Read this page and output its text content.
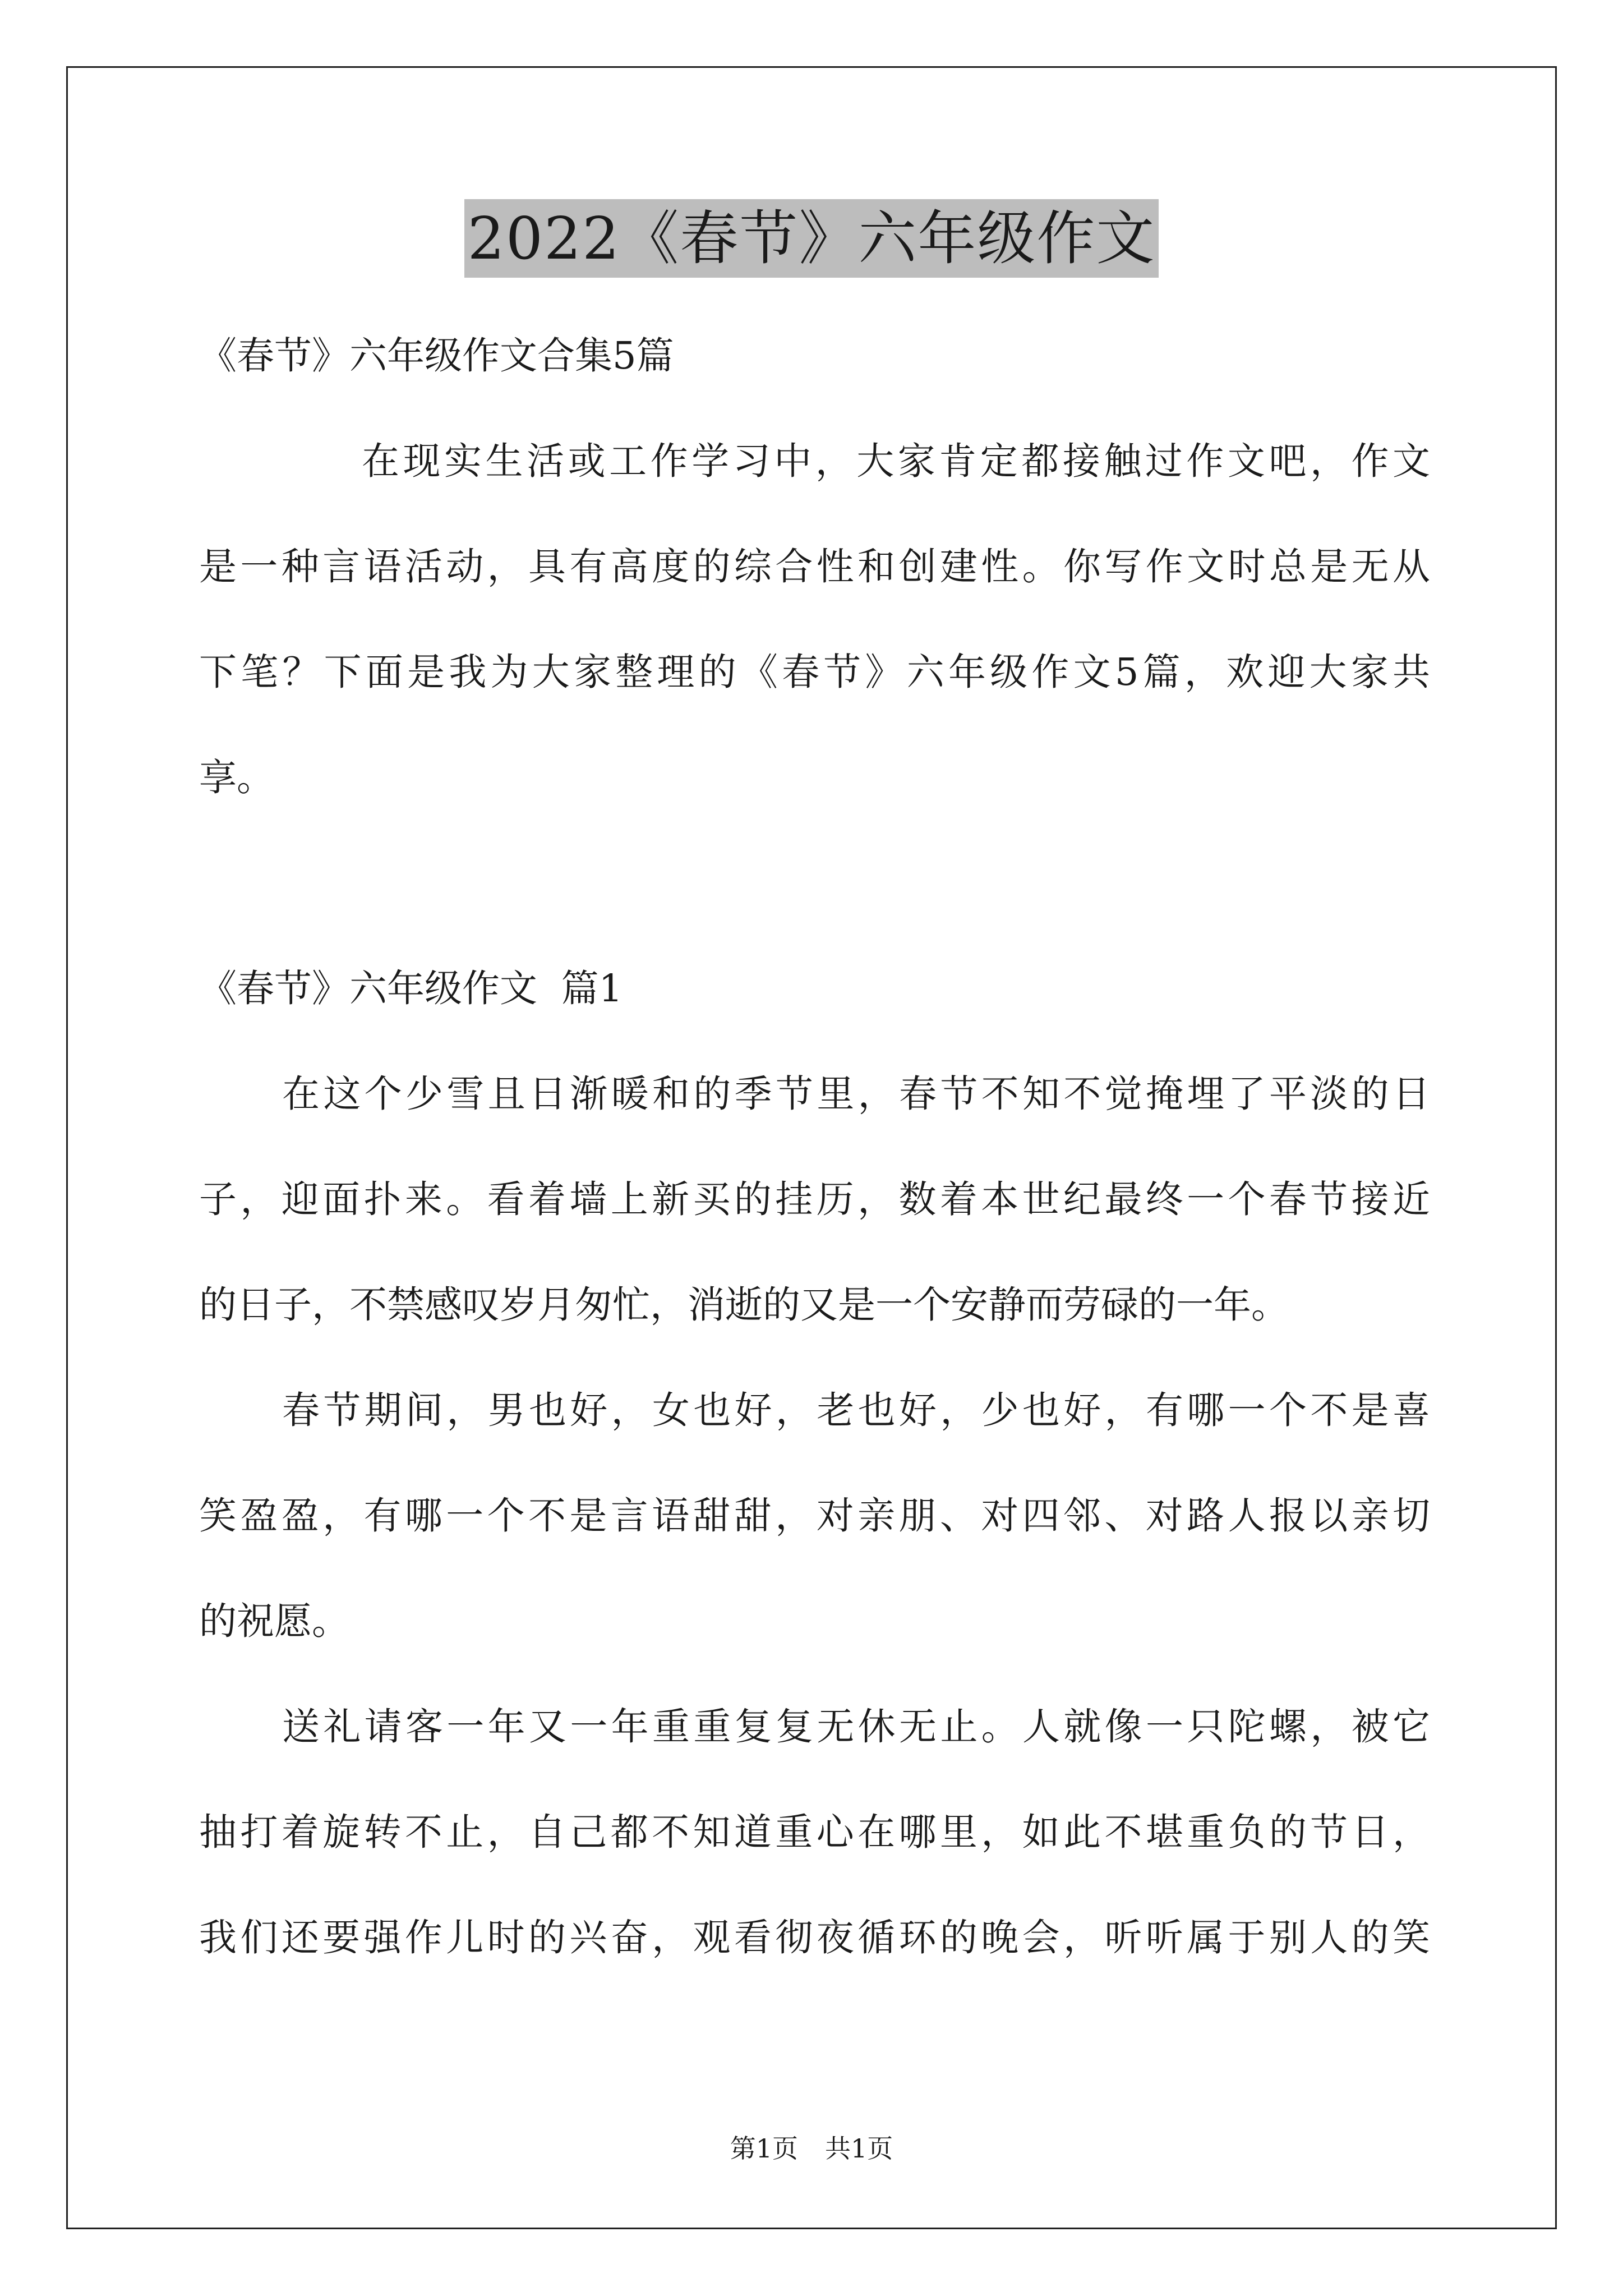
2022《春节》六年级作文
《春节》六年级作文合集5篇
在现实生活或工作学习中，大家肯定都接触过作文吧，作文
是一种言语活动，具有高度的综合性和创建性。你写作文时总是无从
下笔？下面是我为大家整理的《春节》六年级作文5篇，欢迎大家共
享。
《春节》六年级作文  篇1
在这个少雪且日渐暖和的季节里，春节不知不觉掩埋了平淡的日
子，迎面扑来。看着墙上新买的挂历，数着本世纪最终一个春节接近
的日子，不禁感叹岁月匆忙，消逝的又是一个安静而劳碌的一年。
春节期间，男也好，女也好，老也好，少也好，有哪一个不是喜
笑盈盈，有哪一个不是言语甜甜，对亲朋、对四邻、对路人报以亲切
的祝愿。
送礼请客一年又一年重重复复无休无止。人就像一只陀螺，被它
抽打着旋转不止，自己都不知道重心在哪里，如此不堪重负的节日，
我们还要强作儿时的兴奋，观看彻夜循环的晚会，听听属于别人的笑
第1页 共1页
